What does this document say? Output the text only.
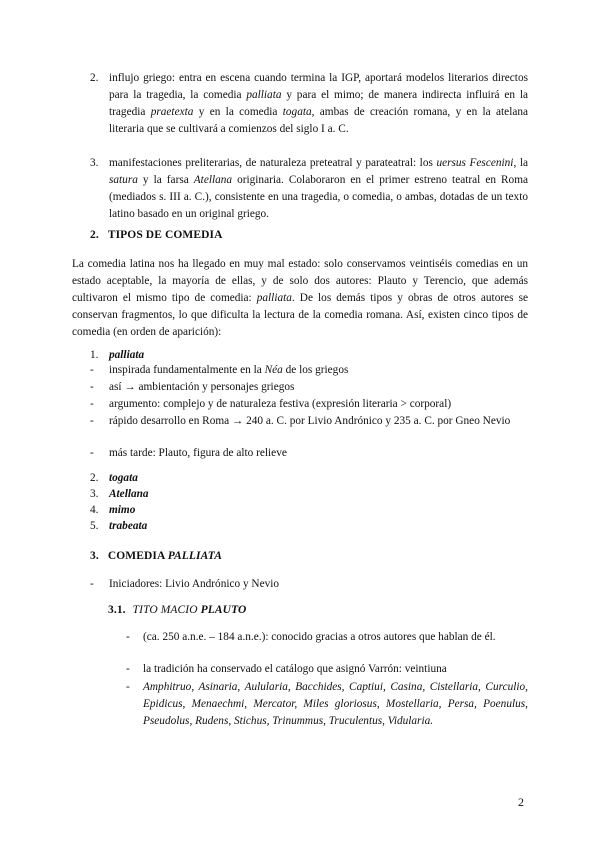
2. influjo griego: entra en escena cuando termina la IGP, aportará modelos literarios directos para la tragedia, la comedia palliata y para el mimo; de manera indirecta influirá en la tragedia praetexta y en la comedia togata, ambas de creación romana, y en la atelana literaria que se cultivará a comienzos del siglo I a. C.
3. manifestaciones preliterarias, de naturaleza preteatral y parateatral: los uersus Fescenini, la satura y la farsa Atellana originaria. Colaboraron en el primer estreno teatral en Roma (mediados s. III a. C.), consistente en una tragedia, o comedia, o ambas, dotadas de un texto latino basado en un original griego.
2. TIPOS DE COMEDIA
La comedia latina nos ha llegado en muy mal estado: solo conservamos veintiséis comedias en un estado aceptable, la mayoría de ellas, y de solo dos autores: Plauto y Terencio, que además cultivaron el mismo tipo de comedia: palliata. De los demás tipos y obras de otros autores se conservan fragmentos, lo que dificulta la lectura de la comedia romana. Así, existen cinco tipos de comedia (en orden de aparición):
1. palliata
- inspirada fundamentalmente en la Néa de los griegos
- así → ambientación y personajes griegos
- argumento: complejo y de naturaleza festiva (expresión literaria > corporal)
- rápido desarrollo en Roma → 240 a. C. por Livio Andrónico y 235 a. C. por Gneo Nevio
- más tarde: Plauto, figura de alto relieve
2. togata
3. Atellana
4. mimo
5. trabeata
3. COMEDIA PALLIATA
- Iniciadores: Livio Andrónico y Nevio
3.1. TITO MACIO PLAUTO
- (ca. 250 a.n.e. – 184 a.n.e.): conocido gracias a otros autores que hablan de él.
- la tradición ha conservado el catálogo que asignó Varrón: veintiuna
- Amphitruo, Asinaria, Aulularia, Bacchides, Captiui, Casina, Cistellaria, Curculio, Epidicus, Menaechmi, Mercator, Miles gloriosus, Mostellaria, Persa, Poenulus, Pseudolus, Rudens, Stichus, Trinummus, Truculentus, Vidularia.
2
